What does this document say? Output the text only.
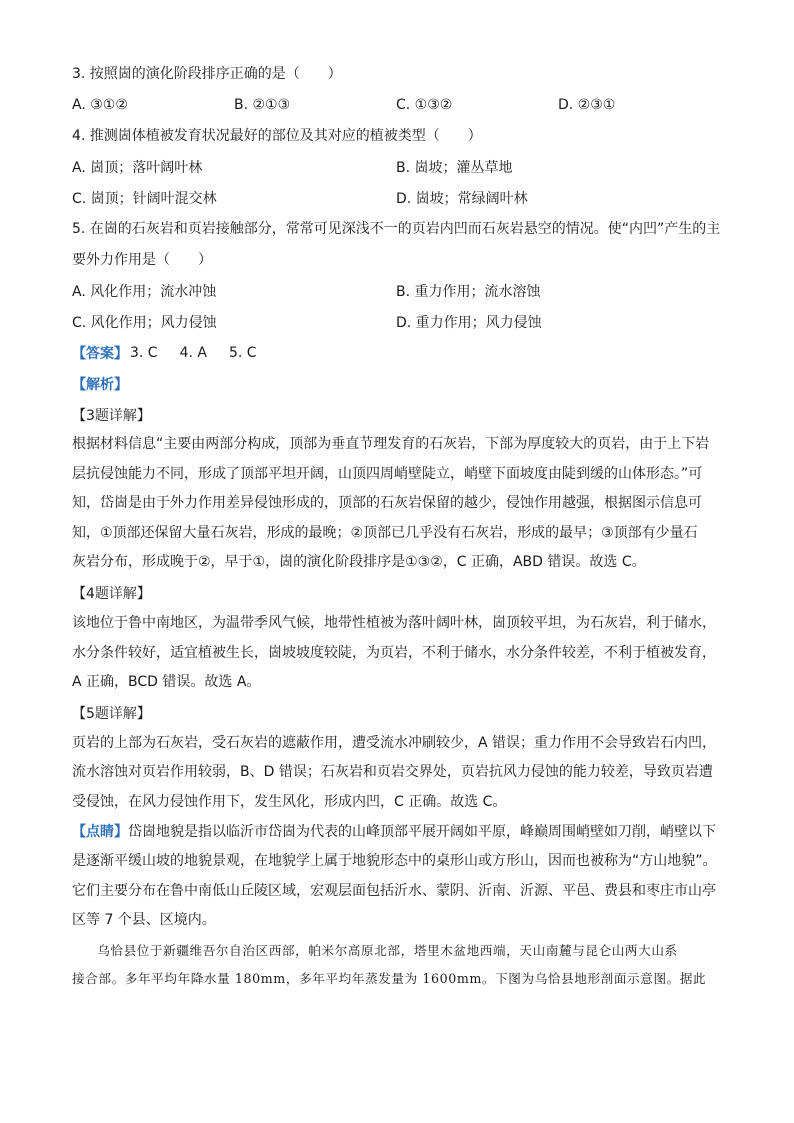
3. 按照崮的演化阶段排序正确的是（　　）
A. ③①②	B. ②①③	C. ①③②	D. ②③①
4. 推测崮体植被发育状况最好的部位及其对应的植被类型（　　）
A. 崮顶；落叶阔叶林	B. 崮坡；灌丛草地
C. 崮顶；针阔叶混交林	D. 崮坡；常绿阔叶林
5. 在崮的石灰岩和页岩接触部分，常常可见深浅不一的页岩内凹而石灰岩悬空的情况。使“内凹”产生的主
要外力作用是（　　）
A. 风化作用；流水冲蚀	B. 重力作用；流水溶蚀
C. 风化作用；风力侵蚀	D. 重力作用；风力侵蚀
【答案】 3. C 4. A 5. C
【解析】
【3题详解】

根据材料信息“主要由两部分构成，顶部为垂直节理发育的石灰岩，下部为厚度较大的页岩，由于上下岩

层抗侵蚀能力不同，形成了顶部平坦开阔，山顶四周峭壁陡立，峭壁下面坡度由陡到缓的山体形态。”可

知，岱崮是由于外力作用差异侵蚀形成的，顶部的石灰岩保留的越少，侵蚀作用越强，根据图示信息可

知，①顶部还保留大量石灰岩，形成的最晚；②顶部已几乎没有石灰岩，形成的最早；③顶部有少量石

灰岩分布，形成晚于②，早于①，崮的演化阶段排序是①③②，C 正确，ABD 错误。故选 C。

【4题详解】

该地位于鲁中南地区，为温带季风气候，地带性植被为落叶阔叶林，崮顶较平坦，为石灰岩，利于储水，

水分条件较好，适宜植被生长，崮坡坡度较陡，为页岩，不利于储水，水分条件较差，不利于植被发育，

A 正确，BCD 错误。故选 A。

【5题详解】

页岩的上部为石灰岩，受石灰岩的遮蔽作用，遭受流水冲刷较少，A 错误；重力作用不会导致岩石内凹，

流水溶蚀对页岩作用较弱，B、D 错误；石灰岩和页岩交界处，页岩抗风力侵蚀的能力较差，导致页岩遭

受侵蚀，在风力侵蚀作用下，发生风化，形成内凹，C 正确。故选 C。

【点睛】岱崮地貌是指以临沂市岱崮为代表的山峰顶部平展开阔如平原，峰巅周围峭壁如刀削，峭壁以下

是逐渐平缓山坡的地貌景观，在地貌学上属于地貌形态中的桌形山或方形山，因而也被称为“方山地貌”。

它们主要分布在鲁中南低山丘陵区域，宏观层面包括沂水、蒙阴、沂南、沂源、平邑、费县和枣庄市山亭

区等 7 个县、区境内。

乌恰县位于新疆维吾尔自治区西部，帕米尔高原北部，塔里木盆地西端，天山南麓与昆仑山两大山系

接合部。多年平均年降水量 180mm，多年平均年蒸发量为 1600mm。下图为乌恰县地形剖面示意图。据此
